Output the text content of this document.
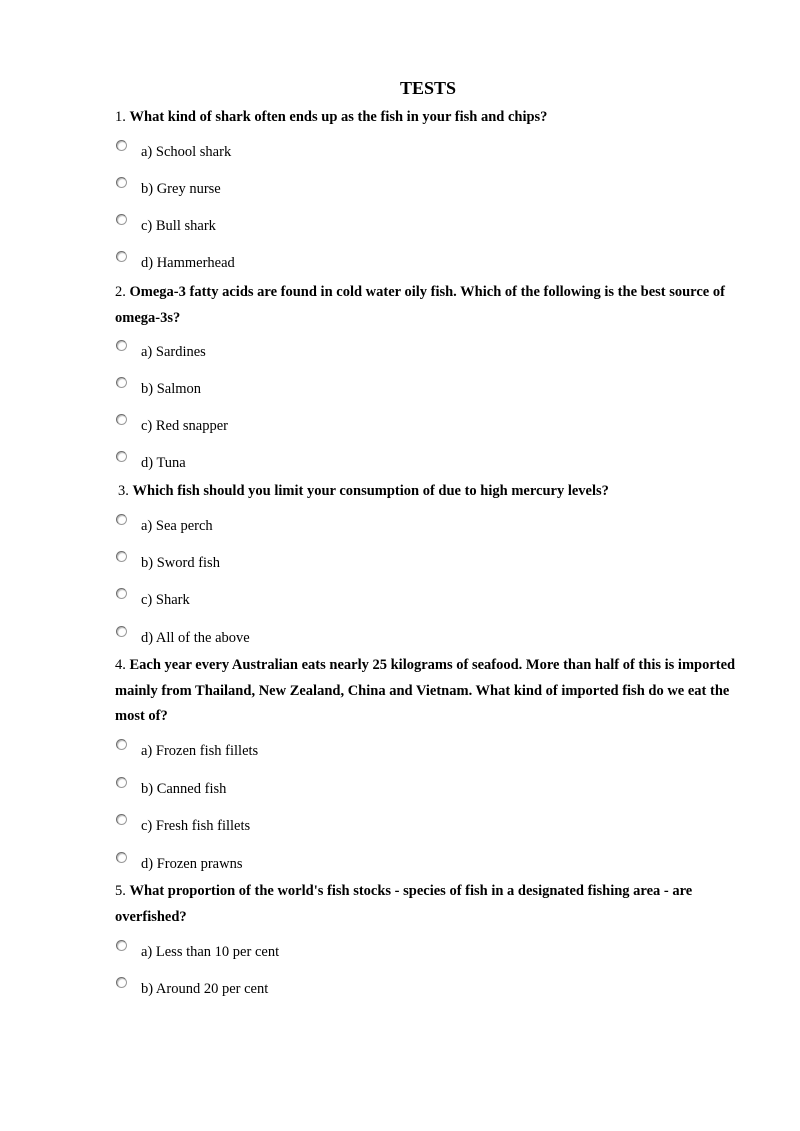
TESTS
1. What kind of shark often ends up as the fish in your fish and chips?
a) School shark
b) Grey nurse
c) Bull shark
d) Hammerhead
2. Omega-3 fatty acids are found in cold water oily fish. Which of the following is the best source of omega-3s?
a) Sardines
b) Salmon
c) Red snapper
d) Tuna
3. Which fish should you limit your consumption of due to high mercury levels?
a) Sea perch
b) Sword fish
c) Shark
d) All of the above
4. Each year every Australian eats nearly 25 kilograms of seafood. More than half of this is imported mainly from Thailand, New Zealand, China and Vietnam. What kind of imported fish do we eat the most of?
a) Frozen fish fillets
b) Canned fish
c) Fresh fish fillets
d) Frozen prawns
5. What proportion of the world's fish stocks - species of fish in a designated fishing area - are overfished?
a) Less than 10 per cent
b) Around 20 per cent
